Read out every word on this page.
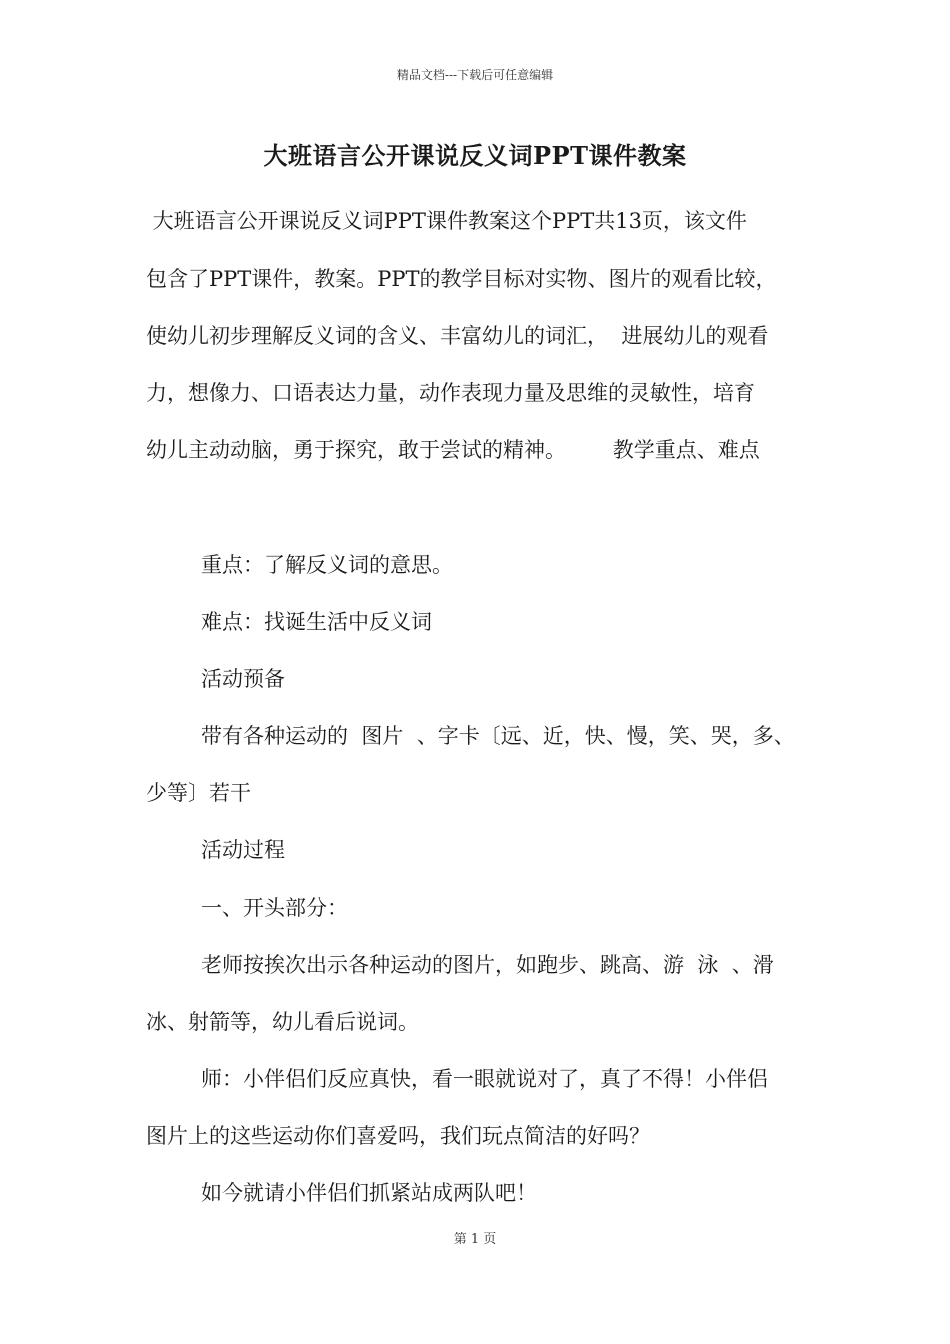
精品文档---下载后可任意编辑
大班语言公开课说反义词PPT课件教案
大班语言公开课说反义词PPT课件教案这个PPT共13页，该文件
包含了PPT课件，教案。PPT的教学目标对实物、图片的观看比较，
使幼儿初步理解反义词的含义、丰富幼儿的词汇，  进展幼儿的观看
力，想像力、口语表达力量，动作表现力量及思维的灵敏性，培育
幼儿主动动脑，勇于探究，敢于尝试的精神。       教学重点、难点
重点：了解反义词的意思。
难点：找诞生活中反义词
活动预备
带有各种运动的  图片  、字卡〔远、近，快、慢，笑、哭，多、
少等〕若干
活动过程
一、开头部分：
老师按挨次出示各种运动的图片，如跑步、跳高、游  泳  、滑
冰、射箭等，幼儿看后说词。
师：小伴侣们反应真快，看一眼就说对了，真了不得！小伴侣
图片上的这些运动你们喜爱吗，我们玩点简洁的好吗？
如今就请小伴侣们抓紧站成两队吧！
第 1 页
